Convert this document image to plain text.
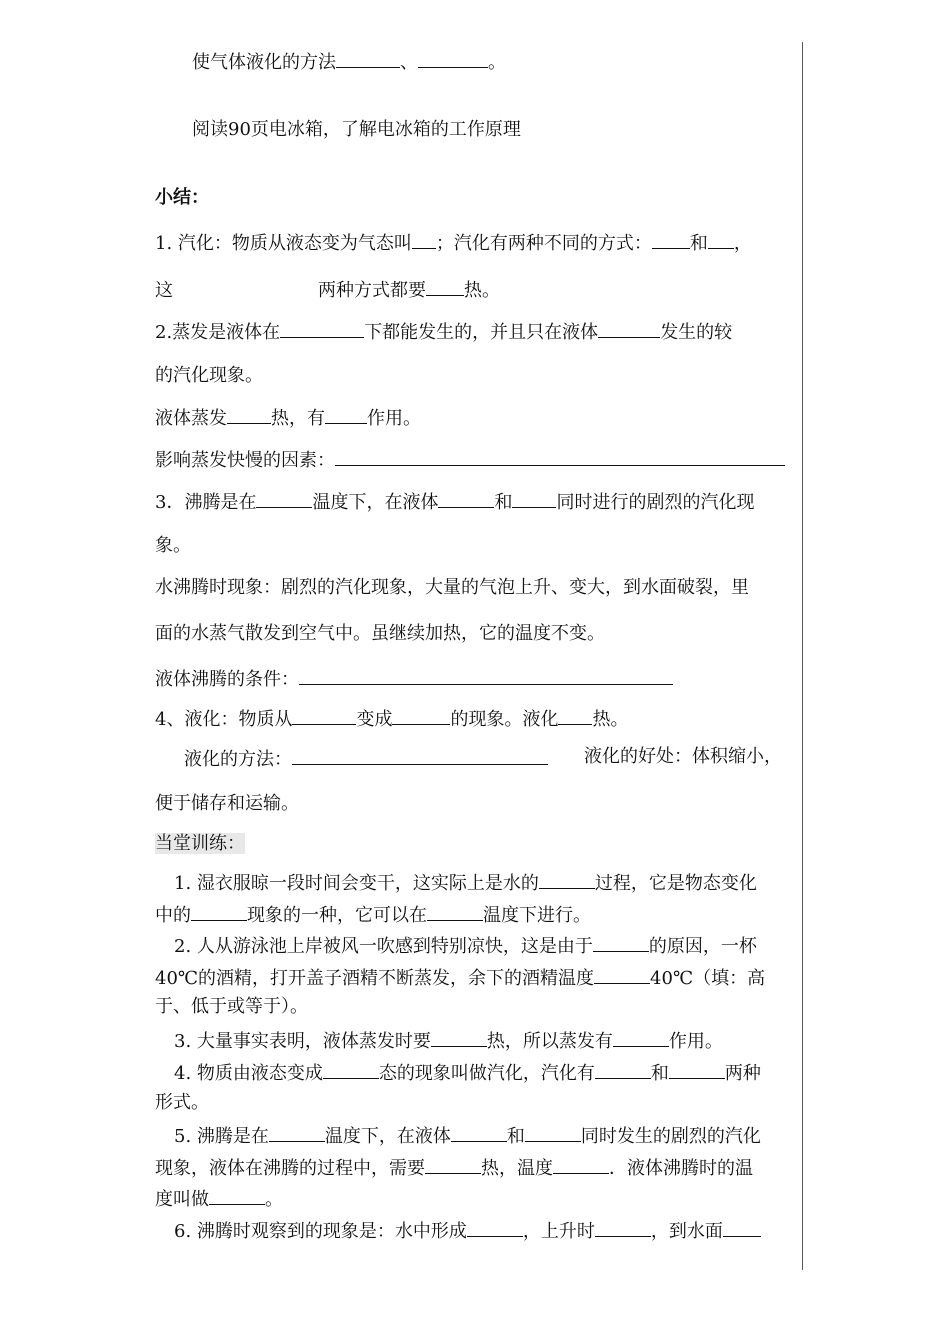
使气体液化的方法	、	。
阅读90页电冰箱，了解电冰箱的工作原理
小结：
1. 汽化：物质从液态变为气态叫 ；汽化有两种不同的方式： 和 ，
这	两种方式都要 热。
2.蒸发是液体在	下都能发生的，并且只在液体	发生的较
的汽化现象。
液体蒸发 热，有 作用。
影响蒸发快慢的因素：
3．沸腾是在	温度下，在液体	和 同时进行的剧烈的汽化现
象。
水沸腾时现象：剧烈的汽化现象，大量的气泡上升、变大，到水面破裂，里
面的水蒸气散发到空气中。虽继续加热，它的温度不变。
液体沸腾的条件：
4、液化：物质从	变成	的现象。液化 热。
液化的方法：	液化的好处：体积缩小，
便于储存和运输。
当堂训练：
1. 湿衣服晾一段时间会变干，这实际上是水的	过程，它是物态变化
中的	现象的一种，它可以在	温度下进行。
2. 人从游泳池上岸被风一吹感到特别凉快，这是由于	的原因，一杯
40℃的酒精，打开盖子酒精不断蒸发，余下的酒精温度	40℃（填：高
于、低于或等于）。
3. 大量事实表明，液体蒸发时要	热，所以蒸发有	作用。
4. 物质由液态变成	态的现象叫做汽化，汽化有	和	两种
形式。
5. 沸腾是在	温度下，在液体	和	同时发生的剧烈的汽化
现象，液体在沸腾的过程中，需要	热，温度	．液体沸腾时的温
度叫做	。
6. 沸腾时观察到的现象是：水中形成	，上升时	，到水面
